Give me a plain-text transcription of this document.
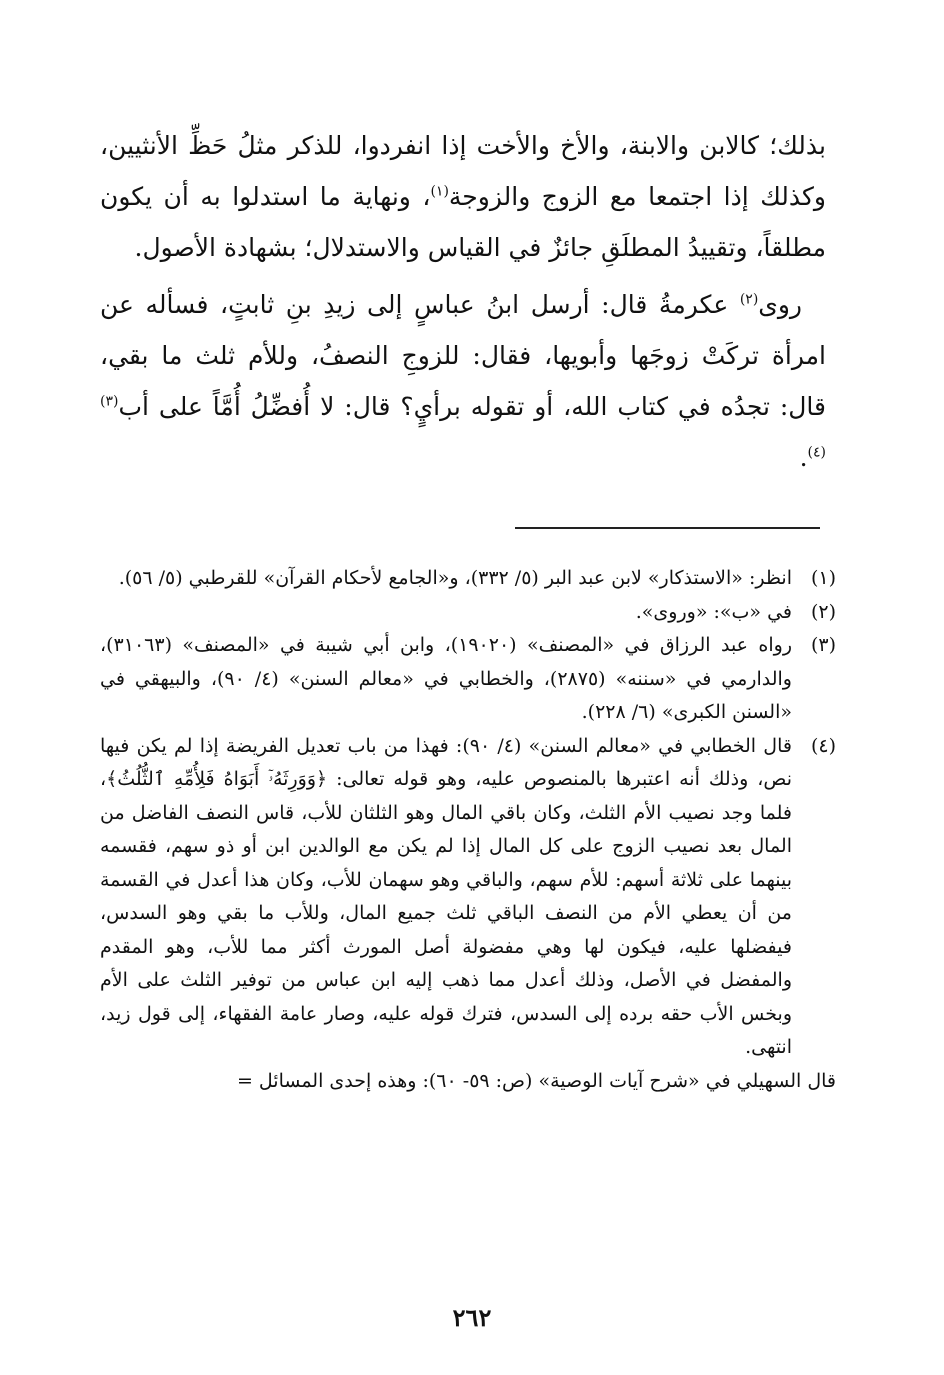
بذلك؛ كالابن والابنة، والأخ والأخت إذا انفردوا، للذكر مثلُ حَظِّ الأنثيين، وكذلك إذا اجتمعا مع الزوج والزوجة$^{(١)}$، ونهاية ما استدلوا به أن يكون مطلقاً، وتقييدُ المطلَقِ جائزٌ في القياس والاستدلال؛ بشهادة الأصول.

روى$^{(٢)}$ عكرمةُ قال: أرسل ابنُ عباسٍ إلى زيدِ بنِ ثابتٍ، فسأله عن امرأة تركَتْ زوجَها وأبويها، فقال: للزوجِ النصفُ، وللأم ثلث ما بقي، قال: تجدُه في كتاب الله، أو تقوله برأيٍ؟ قال: لا أُفضِّلُ أُمَّاً على أب$^{(٣) (٤)}$.

(١)
انظر: «الاستذكار» لابن عبد البر (٥/ ٣٣٢)، و«الجامع لأحكام القرآن» للقرطبي (٥/ ٥٦).
(٢)
في «ب»: «وروى».
(٣)
رواه عبد الرزاق في «المصنف» (١٩٠٢٠)، وابن أبي شيبة في «المصنف» (٣١٠٦٣)، والدارمي في «سننه» (٢٨٧٥)، والخطابي في «معالم السنن» (٤/ ٩٠)، والبيهقي في «السنن الكبرى» (٦/ ٢٢٨).
(٤)
قال الخطابي في «معالم السنن» (٤/ ٩٠): فهذا من باب تعديل الفريضة إذا لم يكن فيها نص، وذلك أنه اعتبرها بالمنصوص عليه، وهو قوله تعالى: ﴿وَوَرِثَهُۥٓ أَبَوَاهُ فَلِأُمِّهِ ٱلثُّلُثُ﴾، فلما وجد نصيب الأم الثلث، وكان باقي المال وهو الثلثان للأب، قاس النصف الفاضل من المال بعد نصيب الزوج على كل المال إذا لم يكن مع الوالدين ابن أو ذو سهم، فقسمه بينهما على ثلاثة أسهم: للأم سهم، والباقي وهو سهمان للأب، وكان هذا أعدل في القسمة من أن يعطي الأم من النصف الباقي ثلث جميع المال، وللأب ما بقي وهو السدس، فيفضلها عليه، فيكون لها وهي مفضولة أصل المورث أكثر مما للأب، وهو المقدم والمفضل في الأصل، وذلك أعدل مما ذهب إليه ابن عباس من توفير الثلث على الأم وبخس الأب حقه برده إلى السدس، فترك قوله عليه، وصار عامة الفقهاء، إلى قول زيد، انتهى.
قال السهيلي في «شرح آيات الوصية» (ص: ٥٩- ٦٠): وهذه إحدى المسائل =
٢٦٢
